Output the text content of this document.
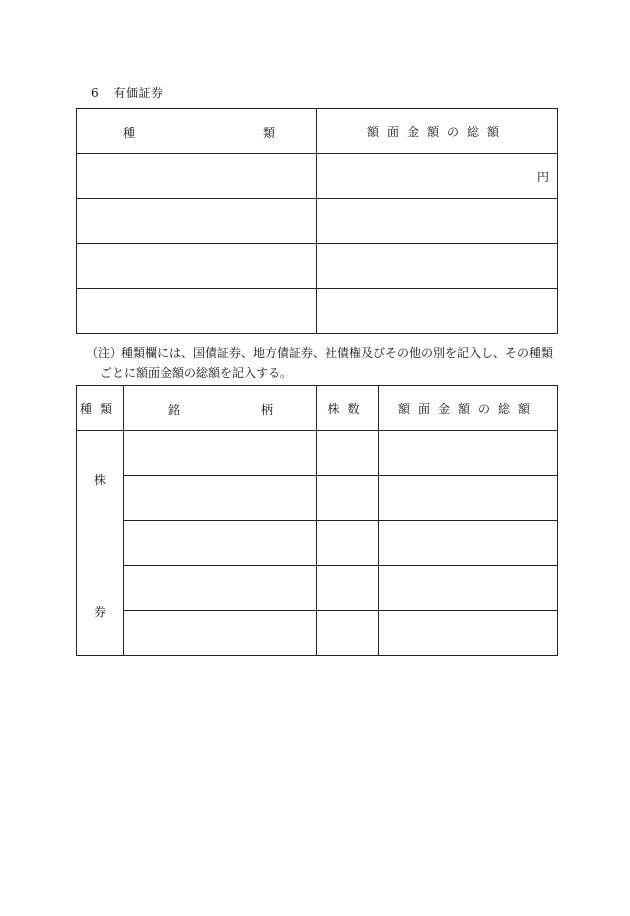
6 有価証券
種 類	額面金額の総額

	円

（注）種類欄には、国債証券、地方債証券、社債権及びその他の別を記入し、その種類
ごとに額面金額の総額を記入する。
種類	銘 柄	株数	額面金額の総額

株
券			
